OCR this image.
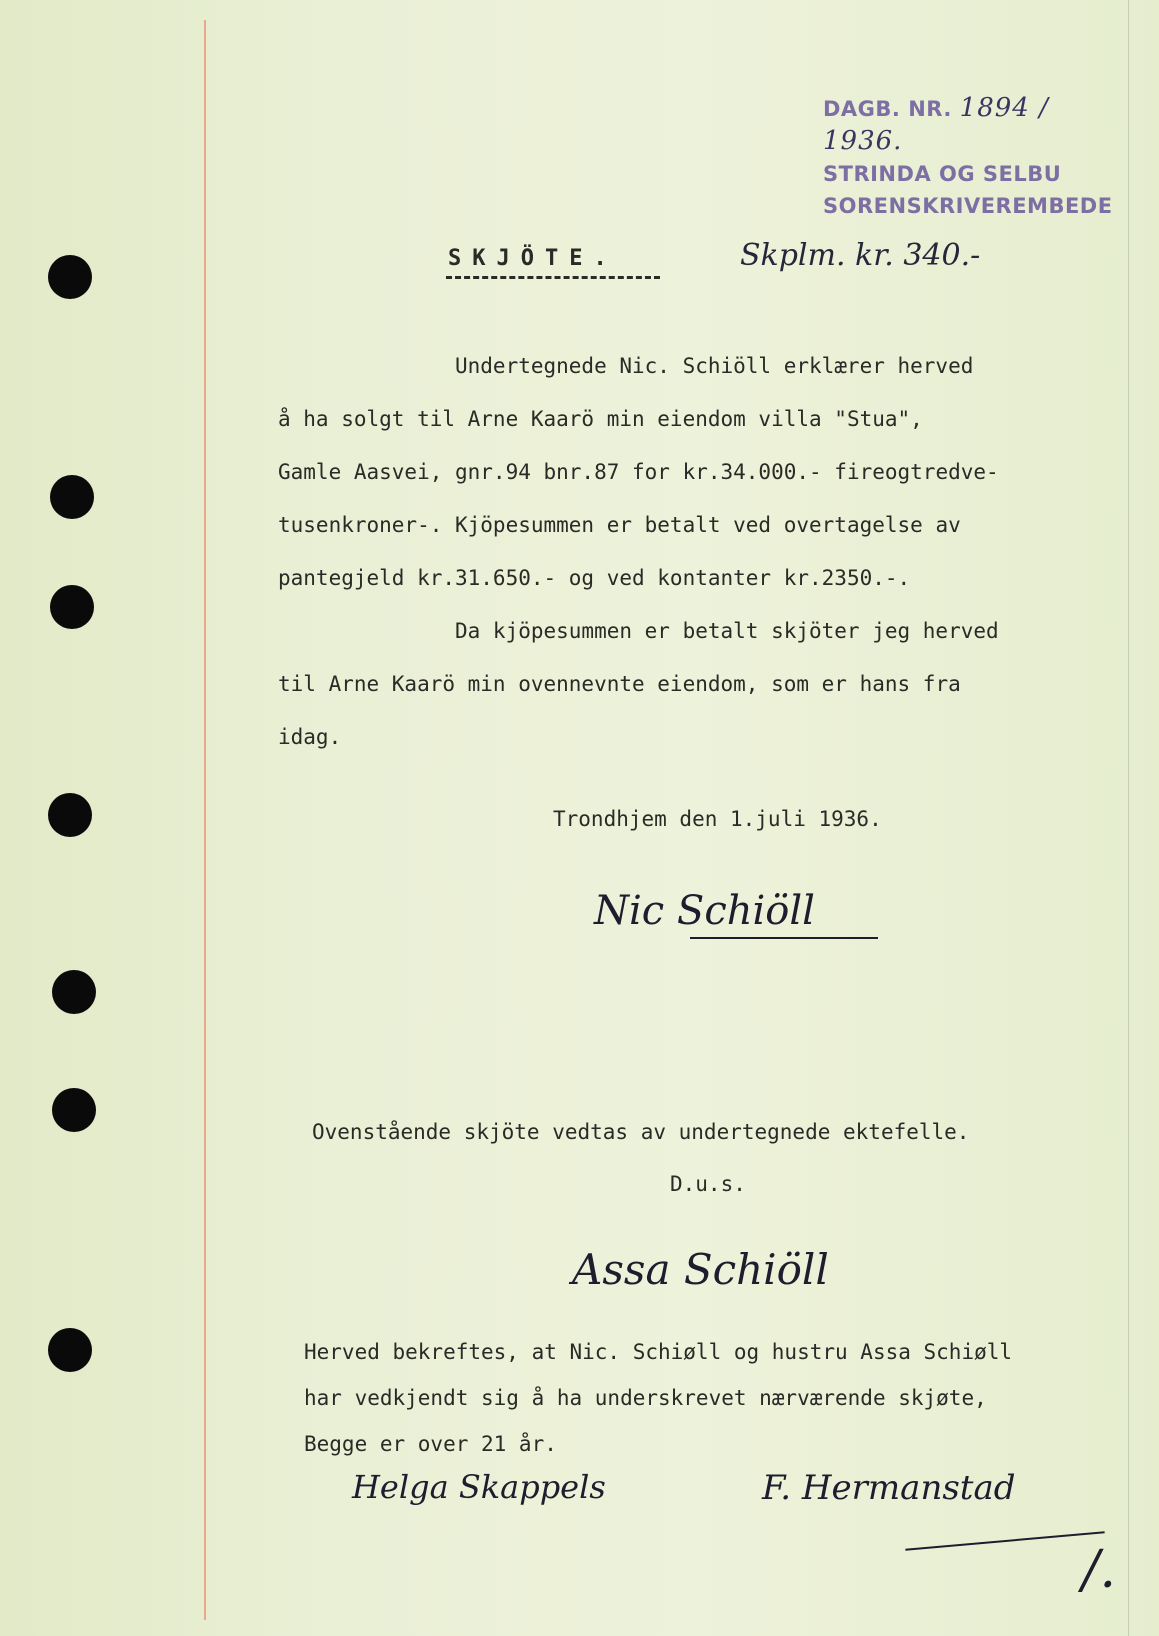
DAGB. NR. 1894 / 1936.
STRINDA OG SELBU
SORENSKRIVEREMBEDE
SKJÖTE.	Skplm. kr. 340.-
Undertegnede Nic. Schiöll erklærer herved
å ha solgt til Arne Kaarö min eiendom villa "Stua",
Gamle Aasvei, gnr.94 bnr.87 for kr.34.000.- fireogtredve-
tusenkroner-. Kjöpesummen er betalt ved overtagelse av
pantegjeld kr.31.650.- og ved kontanter kr.2350.-.
Da kjöpesummen er betalt skjöter jeg herved
til Arne Kaarö min ovennevnte eiendom, som er hans fra
idag.
Trondhjem den 1.juli 1936.
Nic Schiöll
Ovenstående skjöte vedtas av undertegnede ektefelle.
D.u.s.
Assa Schiöll
Herved bekreftes, at Nic. Schiøll og hustru Assa Schiøll
har vedkjendt sig å ha underskrevet nærværende skjøte,
Begge er over 21 år.
Helga Skappels	F. Hermanstad
/.
